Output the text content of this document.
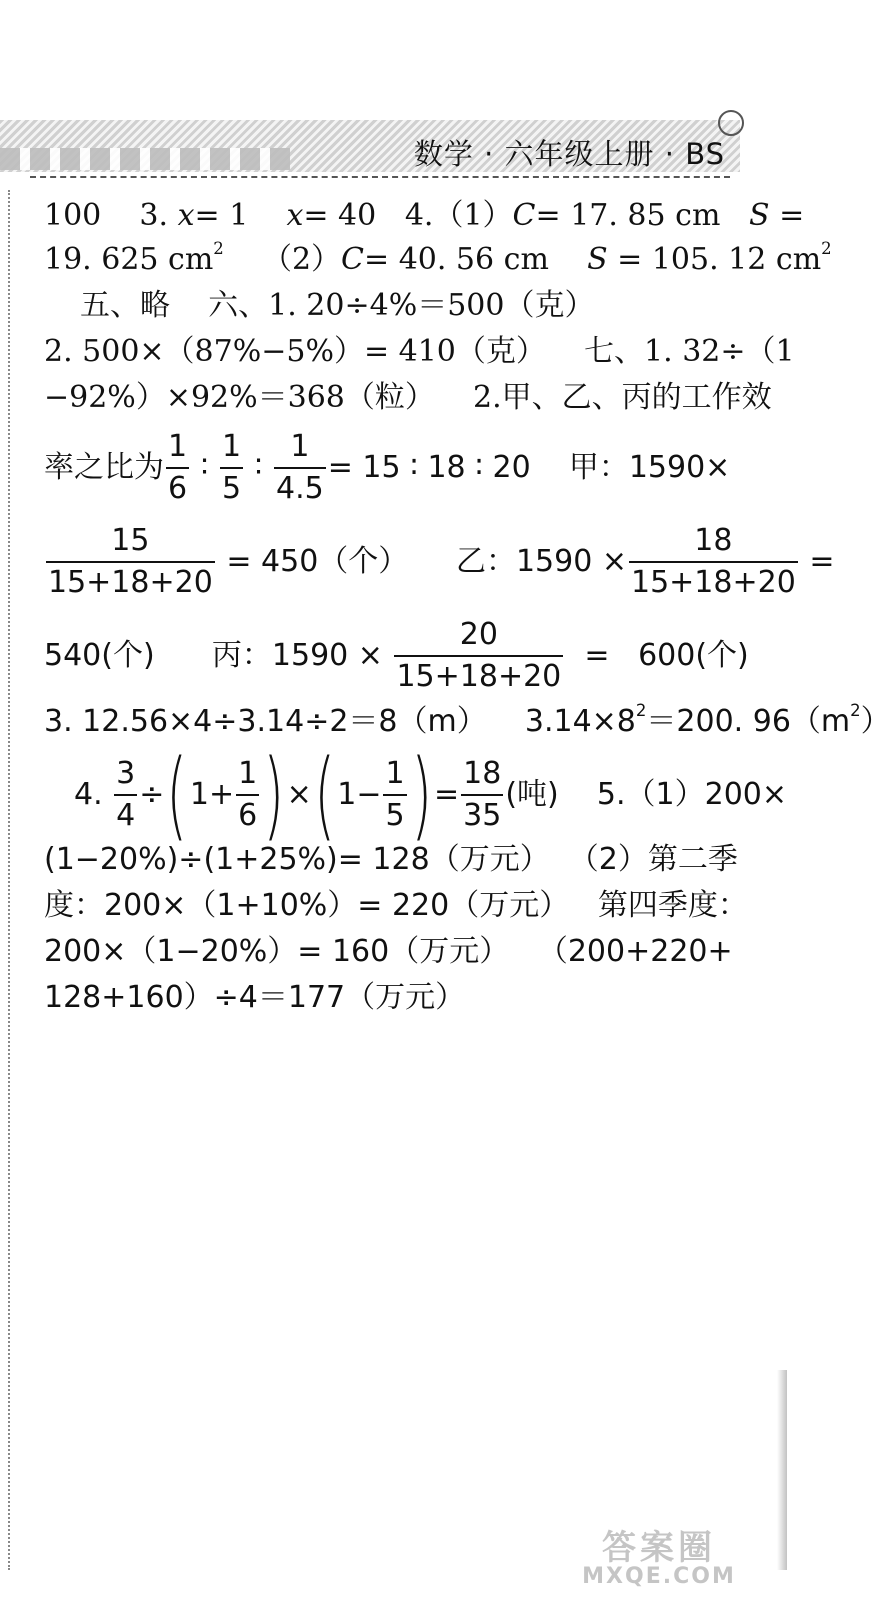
数学 · 六年级上册 · BS
100 3. x= 1 x= 40 4.（1）C= 17. 85 cm S =
19. 625 $cm^2$ （2）C= 40. 56 cm S = 105. 12 $cm^2$
五、略    六、1. 20÷4%＝500（克）
2. 500×（87%−5%）= 410（克）    七、1. 32÷（1
−92%）×92%＝368（粒）    2.甲、乙、丙的工作效
率之比为 $\frac{1}{6}$ ∶ $\frac{1}{5}$ ∶ $\frac{1}{4.5} = 15$ ∶ 18 ∶ 20    甲：1590×
$\frac{15}{15+18+20} = 450$（个） 乙：$1590 \times \frac{18}{15+18+20}$ =
540(个) 丙：$1590 \times \frac{20}{15+18+20} = 600$(个)
3. 12.56×4÷3.14÷2＝8（m）    $3.14\times 8^2=200$. $96(m^2)$
4. $\frac{3}{4} \div(1+ \frac{1}{6} )\times(1- \frac{1}{5}$ )= $\frac{18}{35}$ (吨) 5.（1）200×
(1−20%)÷(1+25%)= 128（万元）  （2）第二季
度：200×（1+10%）= 220（万元）   第四季度：
200×（1−20%）= 160（万元）   （200+220+
128+160）÷4＝177（万元）
答案圈
MXQE.COM
